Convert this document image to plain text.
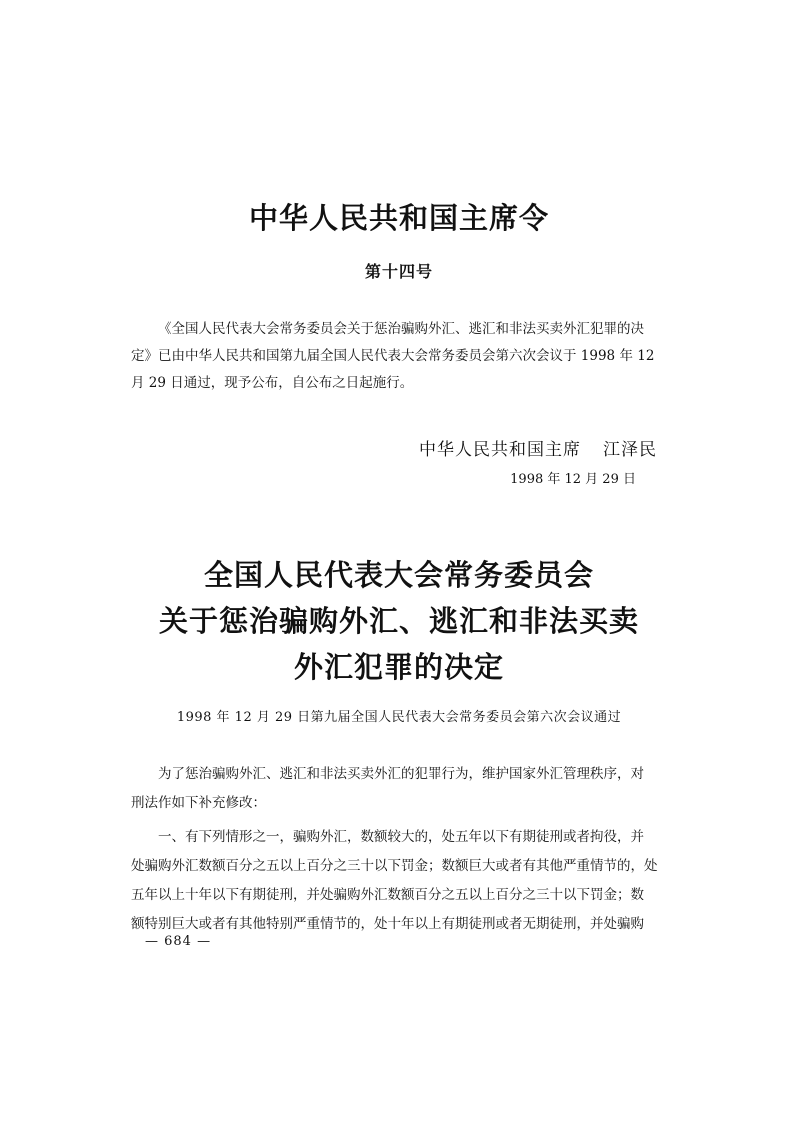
中华人民共和国主席令
第十四号
《全国人民代表大会常务委员会关于惩治骗购外汇、逃汇和非法买卖外汇犯罪的决
定》已由中华人民共和国第九届全国人民代表大会常务委员会第六次会议于 1998 年 12
月 29 日通过，现予公布，自公布之日起施行。
中华人民共和国主席 江泽民
1998 年 12 月 29 日
全国人民代表大会常务委员会
关于惩治骗购外汇、逃汇和非法买卖
外汇犯罪的决定
1998 年 12 月 29 日第九届全国人民代表大会常务委员会第六次会议通过
为了惩治骗购外汇、逃汇和非法买卖外汇的犯罪行为，维护国家外汇管理秩序，对
刑法作如下补充修改：
一、有下列情形之一，骗购外汇，数额较大的，处五年以下有期徒刑或者拘役，并
处骗购外汇数额百分之五以上百分之三十以下罚金；数额巨大或者有其他严重情节的，处
五年以上十年以下有期徒刑，并处骗购外汇数额百分之五以上百分之三十以下罚金；数
额特别巨大或者有其他特别严重情节的，处十年以上有期徒刑或者无期徒刑，并处骗购
— 684 —
